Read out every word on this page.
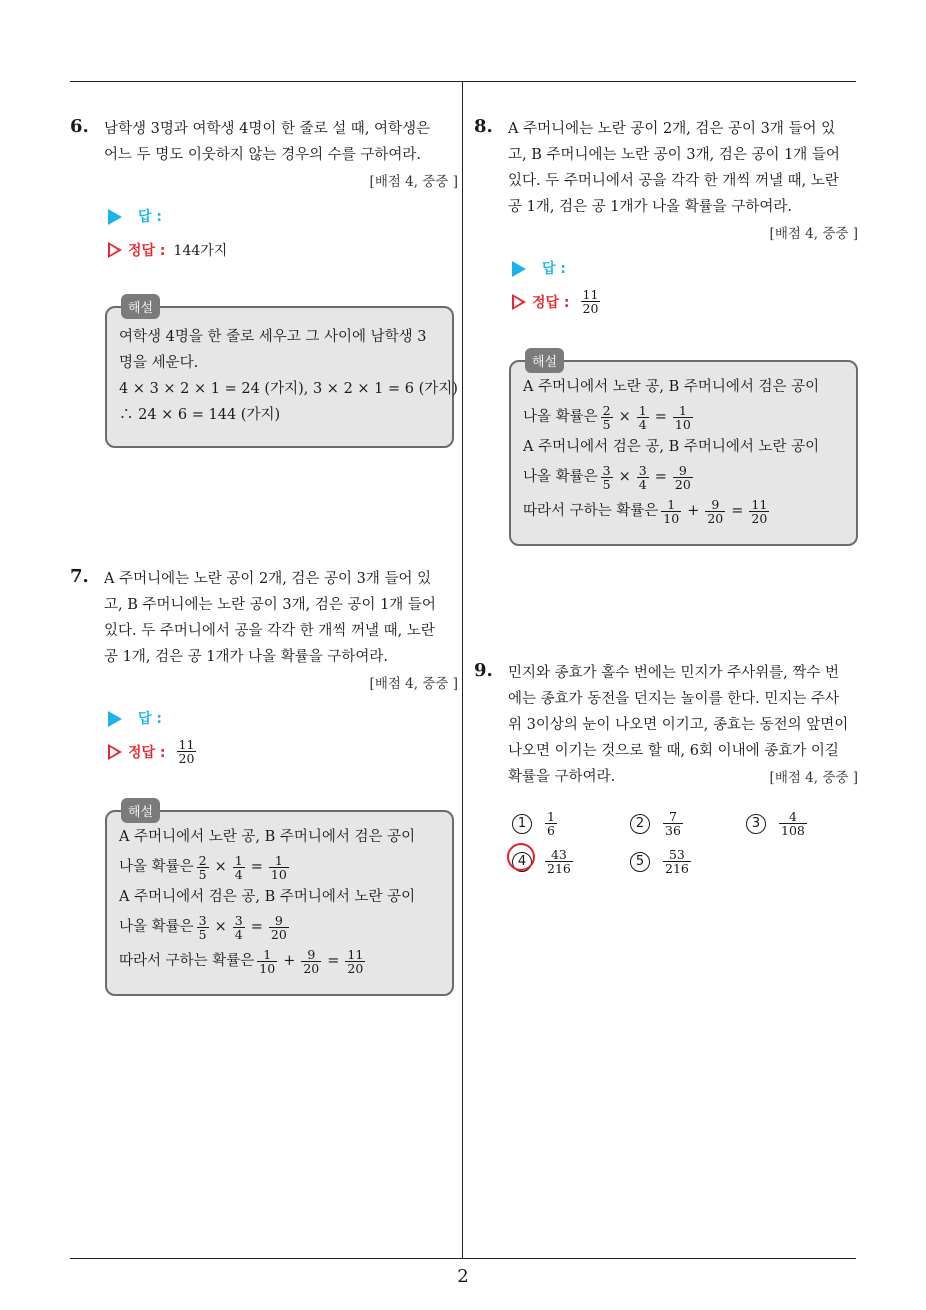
6. 남학생 3명과 여학생 4명이 한 줄로 설 때, 여학생은
어느 두 명도 이웃하지 않는 경우의 수를 구하여라.
[배점 4, 중중 ]
답 :
정답 : 144가지
해설
여학생 4명을 한 줄로 세우고 그 사이에 남학생 3
명을 세운다.
4 × 3 × 2 × 1 = 24 (가지), 3 × 2 × 1 = 6 (가지)
∴ 24 × 6 = 144 (가지)
7. A 주머니에는 노란 공이 2개, 검은 공이 3개 들어 있
고, B 주머니에는 노란 공이 3개, 검은 공이 1개 들어
있다. 두 주머니에서 공을 각각 한 개씩 꺼낼 때, 노란
공 1개, 검은 공 1개가 나올 확률을 구하여라.
[배점 4, 중중 ]
답 :
정답 : $\frac{11}{20}$
해설
A 주머니에서 노란 공, B 주머니에서 검은 공이
나올 확률은 $\frac{2}{5} \times \frac{1}{4} = \frac{1}{10}$
A 주머니에서 검은 공, B 주머니에서 노란 공이
나올 확률은 $\frac{3}{5} \times \frac{3}{4} = \frac{9}{20}$
따라서 구하는 확률은 $\frac{1}{10} + \frac{9}{20} = \frac{11}{20}$
8. A 주머니에는 노란 공이 2개, 검은 공이 3개 들어 있
고, B 주머니에는 노란 공이 3개, 검은 공이 1개 들어
있다. 두 주머니에서 공을 각각 한 개씩 꺼낼 때, 노란
공 1개, 검은 공 1개가 나올 확률을 구하여라.
[배점 4, 중중 ]
답 :
정답 : $\frac{11}{20}$
해설
A 주머니에서 노란 공, B 주머니에서 검은 공이
나올 확률은 $\frac{2}{5} \times \frac{1}{4} = \frac{1}{10}$
A 주머니에서 검은 공, B 주머니에서 노란 공이
나올 확률은 $\frac{3}{5} \times \frac{3}{4} = \frac{9}{20}$
따라서 구하는 확률은 $\frac{1}{10} + \frac{9}{20} = \frac{11}{20}$
9. 민지와 종효가 홀수 번에는 민지가 주사위를, 짝수 번
에는 종효가 동전을 던지는 놀이를 한다. 민지는 주사
위 3이상의 눈이 나오면 이기고, 종효는 동전의 앞면이
나오면 이기는 것으로 할 때, 6회 이내에 종효가 이길
확률을 구하여라.	[배점 4, 중중 ]
1	$\frac{1}{6}$	2	$\frac{7}{36}$	3	$\frac{4}{108}$
4	$\frac{43}{216}$	5	$\frac{53}{216}$
2
